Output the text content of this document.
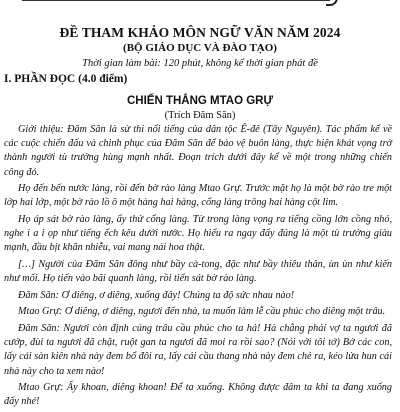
ĐỀ THAM KHẢO MÔN NGỮ VĂN NĂM 2024
(BỘ GIÁO DỤC VÀ ĐÀO TẠO)
Thời gian làm bài: 120 phút, không kể thời gian phát đề
I. PHẦN ĐỌC (4.0 điểm)
CHIẾN THẮNG MTAO GRỰ
(Trích Đăm Săn)

Giới thiệu: Đăm Săn là sử thi nổi tiếng của dân tộc Ê-đê (Tây Nguyên). Tác phẩm kể về các cuộc chiến đấu và chinh phục của Đăm Săn để bảo vệ buôn làng, thực hiện khát vọng trở thành người tù trưởng hùng mạnh nhất. Đoạn trích dưới đây kể về một trong những chiến công đó.

Họ đến bến nước làng, rồi đến bờ rào làng Mtao Grự. Trước mặt họ là một bờ rào tre một lớp hai lớp, một bờ rào lồ ô một hàng hai hàng, cổng làng trông hai hàng cột lim.

Họ áp sát bờ rào làng, ẩy thử cổng làng. Từ trong làng vọng ra tiếng cồng lớn cồng nhỏ, nghe i a i ọp như tiếng ếch kêu dưới nước. Họ hiểu ra ngay đấy đúng là một tù trưởng giàu mạnh, đầu bịt khăn nhiễu, vai mang nải hoa thật.

[…] Người của Đăm Săn đông như bầy cà-tong, đặc như bầy thiêu thân, ùn ùn như kiến như mối. Họ tiến vào bãi quanh làng, rồi tiến sát bờ rào làng.

Đăm Săn: Ơ diêng, ơ diêng, xuống đây! Chúng ta độ sức nhau nào!

Mtao Grự: Ơ diêng, ơ diêng, ngươi đến nhà, ta muốn làm lễ cầu phúc cho diêng một trâu.

Đăm Săn: Ngươi còn định cúng trâu cầu phúc cho ta hả! Hà chẳng phải vợ ta ngươi đã cướp, đùi ta ngươi đã chặt, ruột gan ta ngươi đã moi ra rồi sao? (Nói với tôi tớ) Bớ các con, lấy cái sàn kiên nhà này đem bổ đôi ra, lấy cái cầu thang nhà này đem chẻ ra, kéo lửa hun cái nhà này cho ta xem nào!

Mtao Grự: Ấy khoan, diêng khoan! Để ta xuống. Không được đâm ta khi ta đang xuống đấy nhé!
